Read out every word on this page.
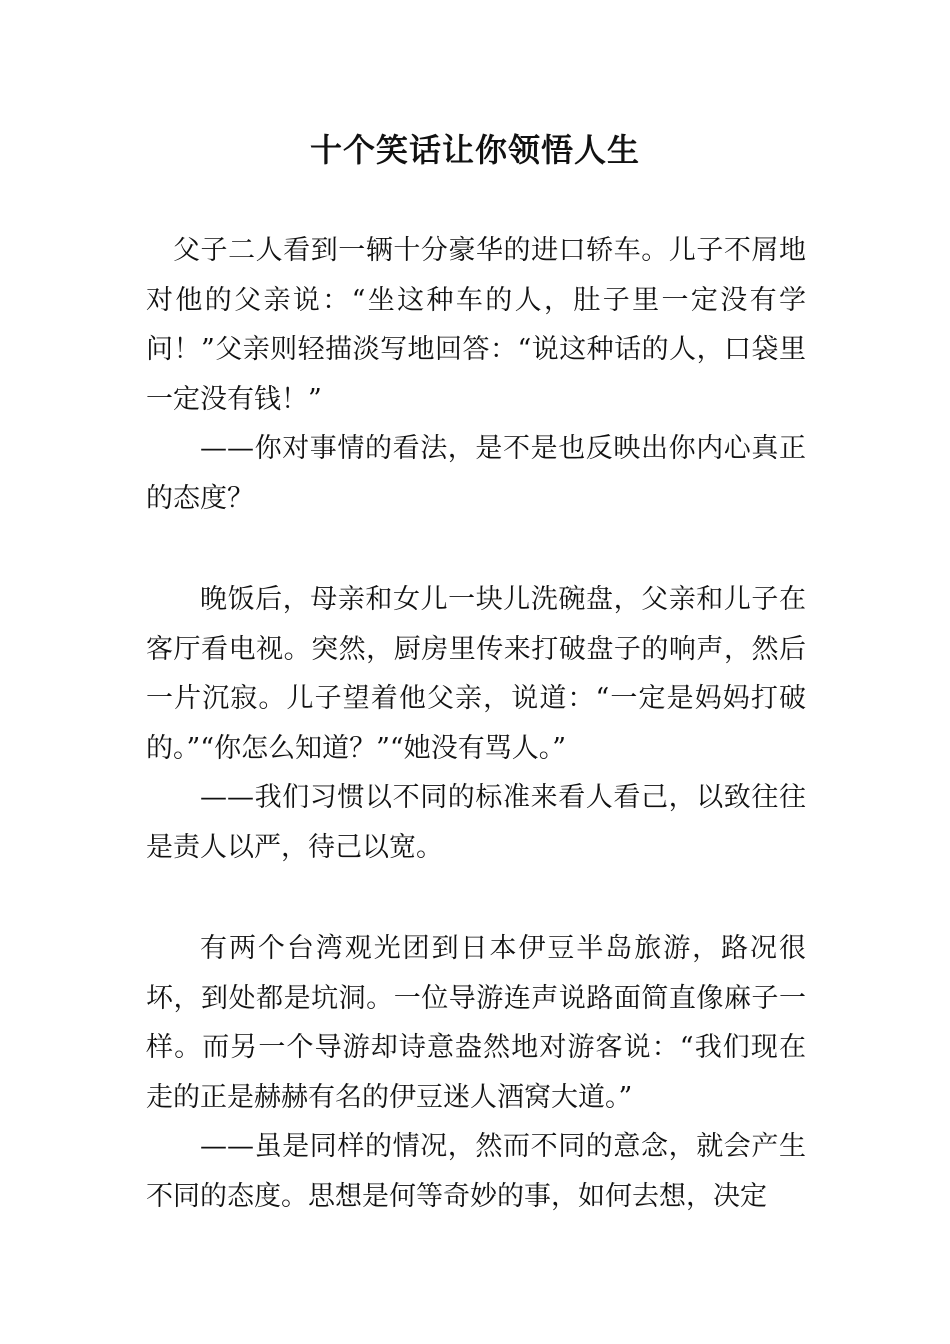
十个笑话让你领悟人生

父子二人看到一辆十分豪华的进口轿车。儿子不屑地对他的父亲说：“坐这种车的人，肚子里一定没有学问！”父亲则轻描淡写地回答：“说这种话的人，口袋里一定没有钱！”

——你对事情的看法，是不是也反映出你内心真正的态度？

晚饭后，母亲和女儿一块儿洗碗盘，父亲和儿子在客厅看电视。突然，厨房里传来打破盘子的响声，然后一片沉寂。儿子望着他父亲，说道：“一定是妈妈打破的。”“你怎么知道？”“她没有骂人。”

——我们习惯以不同的标准来看人看己，以致往往是责人以严，待己以宽。

有两个台湾观光团到日本伊豆半岛旅游，路况很坏，到处都是坑洞。一位导游连声说路面简直像麻子一样。而另一个导游却诗意盎然地对游客说：“我们现在走的正是赫赫有名的伊豆迷人酒窝大道。”

——虽是同样的情况，然而不同的意念，就会产生不同的态度。思想是何等奇妙的事，如何去想，决定
